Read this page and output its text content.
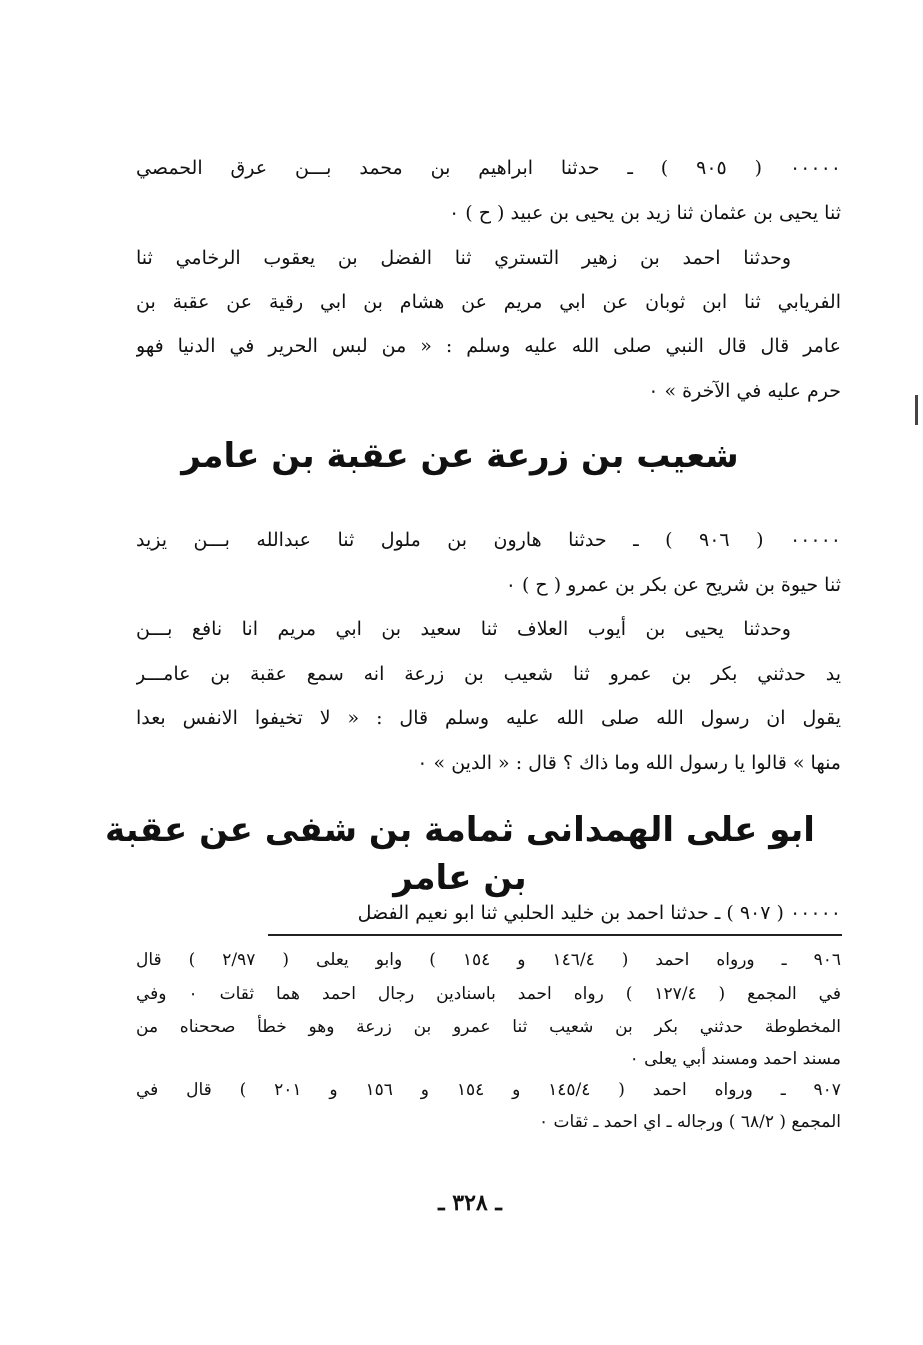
٠٠٠٠٠ ( ٩٠٥ ) ـ حدثنا ابراهيم بن محمد بـــن عرق الحمصي
ثنا يحيى بن عثمان ثنا زيد بن يحيى بن عبيد ( ح ) ٠
وحدثنا احمد بن زهير التستري ثنا الفضل بن يعقوب الرخامي ثنا
الفريابي ثنا ابن ثوبان عن ابي مريم عن هشام بن ابي رقية عن عقبة بن
عامر قال قال النبي صلى الله عليه وسلم : « من لبس الحرير في الدنيا فهو
حرم عليه في الآخرة » ٠
شعيب بن زرعة عن عقبة بن عامر
٠٠٠٠٠ ( ٩٠٦ ) ـ حدثنا هارون بن ملول ثنا عبدالله بـــن يزيد
ثنا حيوة بن شريح عن بكر بن عمرو ( ح ) ٠
وحدثنا يحيى بن أيوب العلاف ثنا سعيد بن ابي مريم انا نافع بـــن
يد حدثني بكر بن عمرو ثنا شعيب بن زرعة انه سمع عقبة بن عامـــر
يقول ان رسول الله صلى الله عليه وسلم قال : « لا تخيفوا الانفس بعدا
منها » قالوا يا رسول الله وما ذاك ؟ قال : « الدين » ٠
ابو على الهمدانى ثمامة بن شفى عن عقبة بن عامر
٠٠٠٠٠ ( ٩٠٧ ) ـ حدثنا احمد بن خليد الحلبي ثنا ابو نعيم الفضل
٩٠٦ ـ ورواه احمد ( ١٤٦/٤ و ١٥٤ ) وابو يعلى ( ٢/٩٧ ) قال
في المجمع ( ١٢٧/٤ ) رواه احمد باسنادين رجال احمد هما ثقات ٠ وفي
المخطوطة حدثني بكر بن شعيب ثنا عمرو بن زرعة وهو خطأ صححناه من
مسند احمد ومسند أبي يعلى ٠
٩٠٧ ـ ورواه احمد ( ١٤٥/٤ و ١٥٤ و ١٥٦ و ٢٠١ ) قال في
المجمع ( ٦٨/٢ ) ورجاله ـ اي احمد ـ ثقات ٠
ـ ٣٢٨ ـ
